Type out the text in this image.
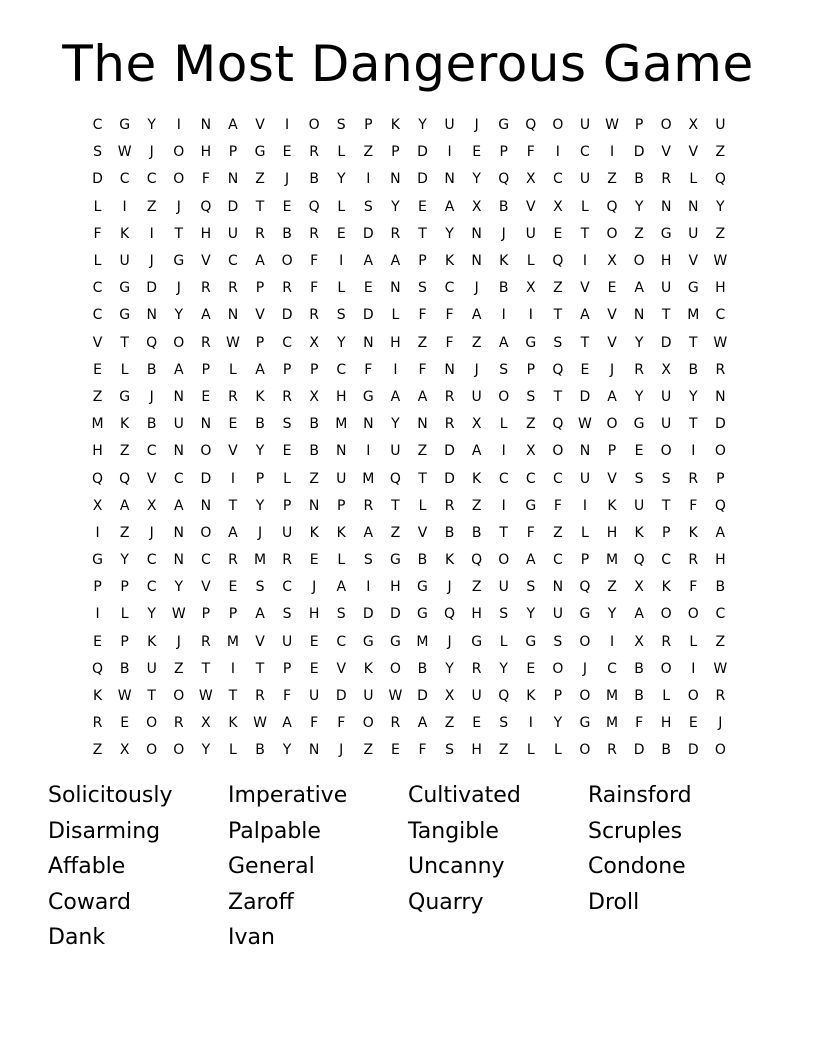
The Most Dangerous Game
C	G	Y	I	N	A	V	I	O	S	P	K	Y	U	J	G	Q	O	U	W	P	O	X	U
S	W	J	O	H	P	G	E	R	L	Z	P	D	I	E	P	F	I	C	I	D	V	V	Z
D	C	C	O	F	N	Z	J	B	Y	I	N	D	N	Y	Q	X	C	U	Z	B	R	L	Q
L	I	Z	J	Q	D	T	E	Q	L	S	Y	E	A	X	B	V	X	L	Q	Y	N	N	Y
F	K	I	T	H	U	R	B	R	E	D	R	T	Y	N	J	U	E	T	O	Z	G	U	Z
L	U	J	G	V	C	A	O	F	I	A	A	P	K	N	K	L	Q	I	X	O	H	V	W
C	G	D	J	R	R	P	R	F	L	E	N	S	C	J	B	X	Z	V	E	A	U	G	H
C	G	N	Y	A	N	V	D	R	S	D	L	F	F	A	I	I	T	A	V	N	T	M	C
V	T	Q	O	R	W	P	C	X	Y	N	H	Z	F	Z	A	G	S	T	V	Y	D	T	W
E	L	B	A	P	L	A	P	P	C	F	I	F	N	J	S	P	Q	E	J	R	X	B	R
Z	G	J	N	E	R	K	R	X	H	G	A	A	R	U	O	S	T	D	A	Y	U	Y	N
M	K	B	U	N	E	B	S	B	M	N	Y	N	R	X	L	Z	Q	W	O	G	U	T	D
H	Z	C	N	O	V	Y	E	B	N	I	U	Z	D	A	I	X	O	N	P	E	O	I	O
Q	Q	V	C	D	I	P	L	Z	U	M	Q	T	D	K	C	C	C	U	V	S	S	R	P
X	A	X	A	N	T	Y	P	N	P	R	T	L	R	Z	I	G	F	I	K	U	T	F	Q
I	Z	J	N	O	A	J	U	K	K	A	Z	V	B	B	T	F	Z	L	H	K	P	K	A
G	Y	C	N	C	R	M	R	E	L	S	G	B	K	Q	O	A	C	P	M	Q	C	R	H
P	P	C	Y	V	E	S	C	J	A	I	H	G	J	Z	U	S	N	Q	Z	X	K	F	B
I	L	Y	W	P	P	A	S	H	S	D	D	G	Q	H	S	Y	U	G	Y	A	O	O	C
E	P	K	J	R	M	V	U	E	C	G	G	M	J	G	L	G	S	O	I	X	R	L	Z
Q	B	U	Z	T	I	T	P	E	V	K	O	B	Y	R	Y	E	O	J	C	B	O	I	W
K	W	T	O	W	T	R	F	U	D	U	W	D	X	U	Q	K	P	O	M	B	L	O	R
R	E	O	R	X	K	W	A	F	F	O	R	A	Z	E	S	I	Y	G	M	F	H	E	J
Z	X	O	O	Y	L	B	Y	N	J	Z	E	F	S	H	Z	L	L	O	R	D	B	D	O
Solicitously
Disarming
Affable
Coward
Dank
Imperative
Palpable
General
Zaroff
Ivan
Cultivated
Tangible
Uncanny
Quarry
Rainsford
Scruples
Condone
Droll
